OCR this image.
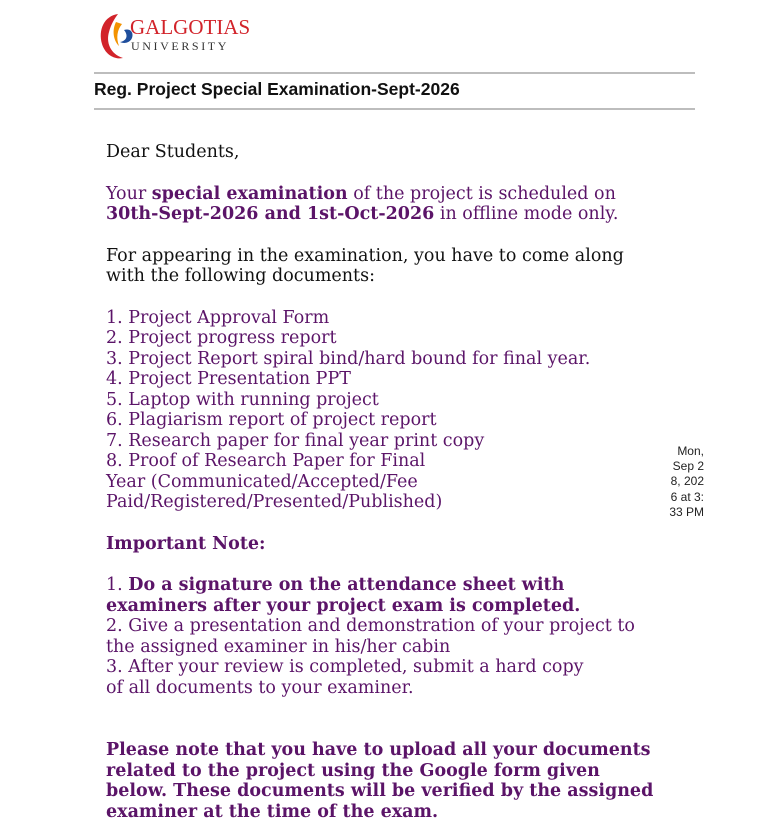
GALGOTIAS
UNIVERSITY
Reg. Project Special Examination-Sept-2026
Dear Students,
Your special examination of the project is scheduled on 30th-Sept-2026 and 1st-Oct-2026 in offline mode only.
For appearing in the examination, you have to come along with the following documents:
1. Project Approval Form
2. Project progress report
3. Project Report spiral bind/hard bound for final year.
4. Project Presentation PPT
5. Laptop with running project
6. Plagiarism report of project report
7. Research paper for final year print copy
8. Proof of Research Paper for Final Year (Communicated/Accepted/Fee Paid/Registered/Presented/Published)
Important Note:
1. Do a signature on the attendance sheet with examiners after your project exam is completed.
2. Give a presentation and demonstration of your project to the assigned examiner in his/her cabin
3. After your review is completed, submit a hard copy of all documents to your examiner.
Please note that you have to upload all your documents related to the project using the Google form given below. These documents will be verified by the assigned examiner at the time of the exam.
Mon, Sep 28, 2026 at 3:33 PM
